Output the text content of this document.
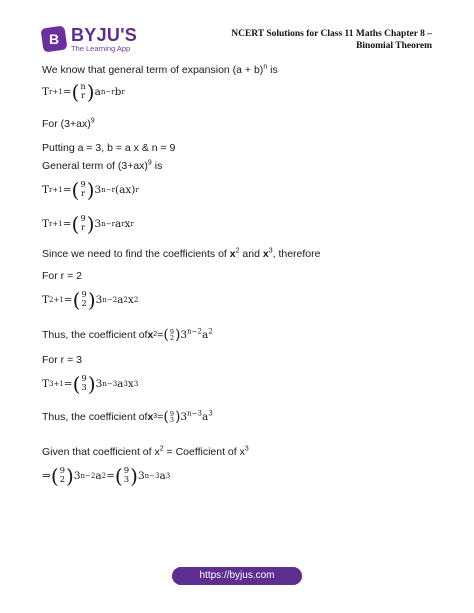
B BYJU'S
The Learning App
NCERT Solutions for Class 11 Maths Chapter 8 –
Binomial Theorem
We know that general term of expansion $(a + b)^n$ is
T r+1 = ( n
r ) a n−r b r
For $(3+ax)^9$
Putting a = 3, b = a x & n = 9
General term of $(3+ax)^9$ is
T r+1 = ( 9
r ) 3 n−r (ax) r
T r+1 = ( 9
r ) 3 n−r a r x r
Since we need to find the coefficients of $x^2$ and $x^3$, therefore
For r = 2
T 2+1 = ( 9
2 ) 3 n−2 a 2 x 2
Thus, the coefficient of x 2 = ( 9
2 ) $3^{n-2}a^2$
For r = 3
T 3+1 = ( 9
3 ) 3 n−3 a 3 x 3
Thus, the coefficient of x 3 = ( 9
3 ) $3^{n-3}a^3$
Given that coefficient of $x^2$ = Coefficient of $x^3$
⇒ ( 9
2 ) 3 n−2 a 2 = ( 9
3 ) 3 n−3 a 3
https://byjus.com
